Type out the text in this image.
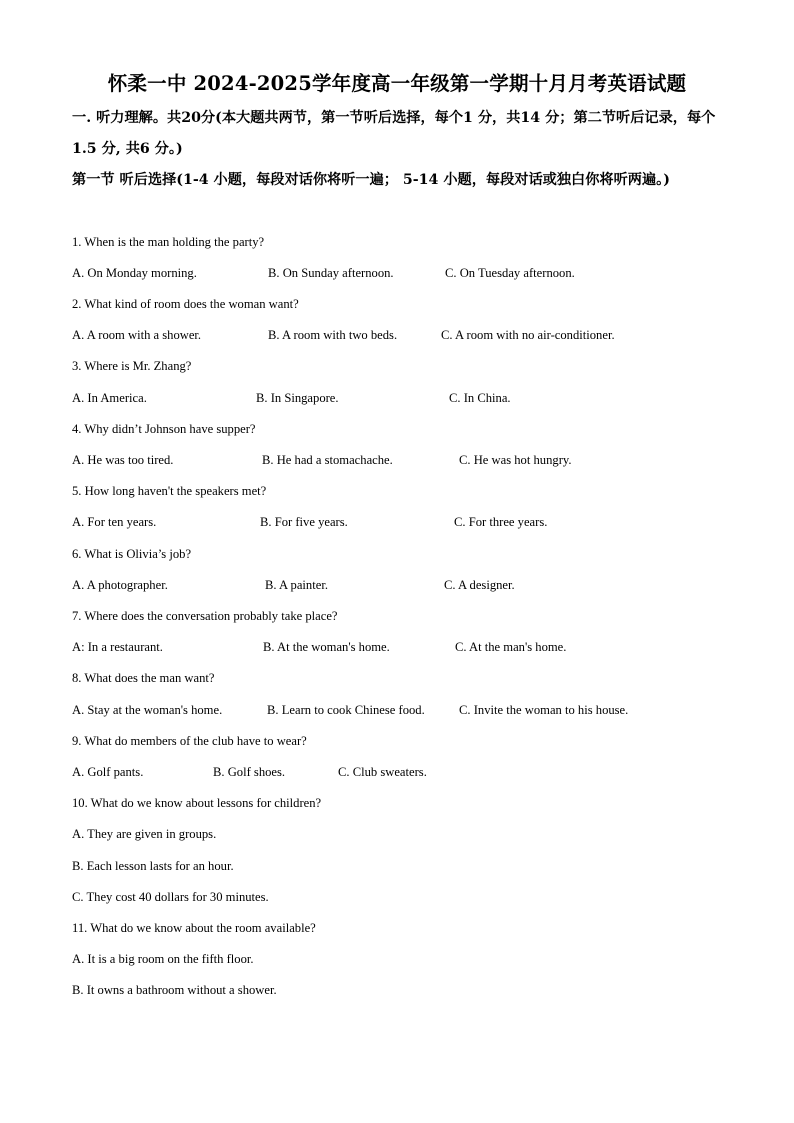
怀柔一中 2024-2025学年度高一年级第一学期十月月考英语试题
一. 听力理解。共20分(本大题共两节，第一节听后选择，每个1 分，共14 分；第二节听后记录，每个1.5 分, 共6 分。)
第一节 听后选择(1-4 小题，每段对话你将听一遍； 5-14 小题，每段对话或独白你将听两遍。)
1. When is the man holding the party?
A. On Monday morning.	B. On Sunday afternoon.	C. On Tuesday afternoon.
2. What kind of room does the woman want?
A. A room with a shower.	B. A room with two beds.	C. A room with no air-conditioner.
3. Where is Mr. Zhang?
A. In America.	B. In Singapore.	C. In China.
4. Why didn’t Johnson have supper?
A. He was too tired.	B. He had a stomachache.	C. He was hot hungry.
5. How long haven't the speakers met?
A. For ten years.	B. For five years.	C. For three years.
6. What is Olivia’s job?
A. A photographer.	B. A painter.	C. A designer.
7. Where does the conversation probably take place?
A: In a restaurant.	B. At the woman's home.	C. At the man's home.
8. What does the man want?
A. Stay at the woman's home.	B. Learn to cook Chinese food.	C. Invite the woman to his house.
9. What do members of the club have to wear?
A. Golf pants.	B. Golf shoes.	C. Club sweaters.
10. What do we know about lessons for children?
A. They are given in groups.
B. Each lesson lasts for an hour.
C. They cost 40 dollars for 30 minutes.
11. What do we know about the room available?
A. It is a big room on the fifth floor.
B. It owns a bathroom without a shower.
